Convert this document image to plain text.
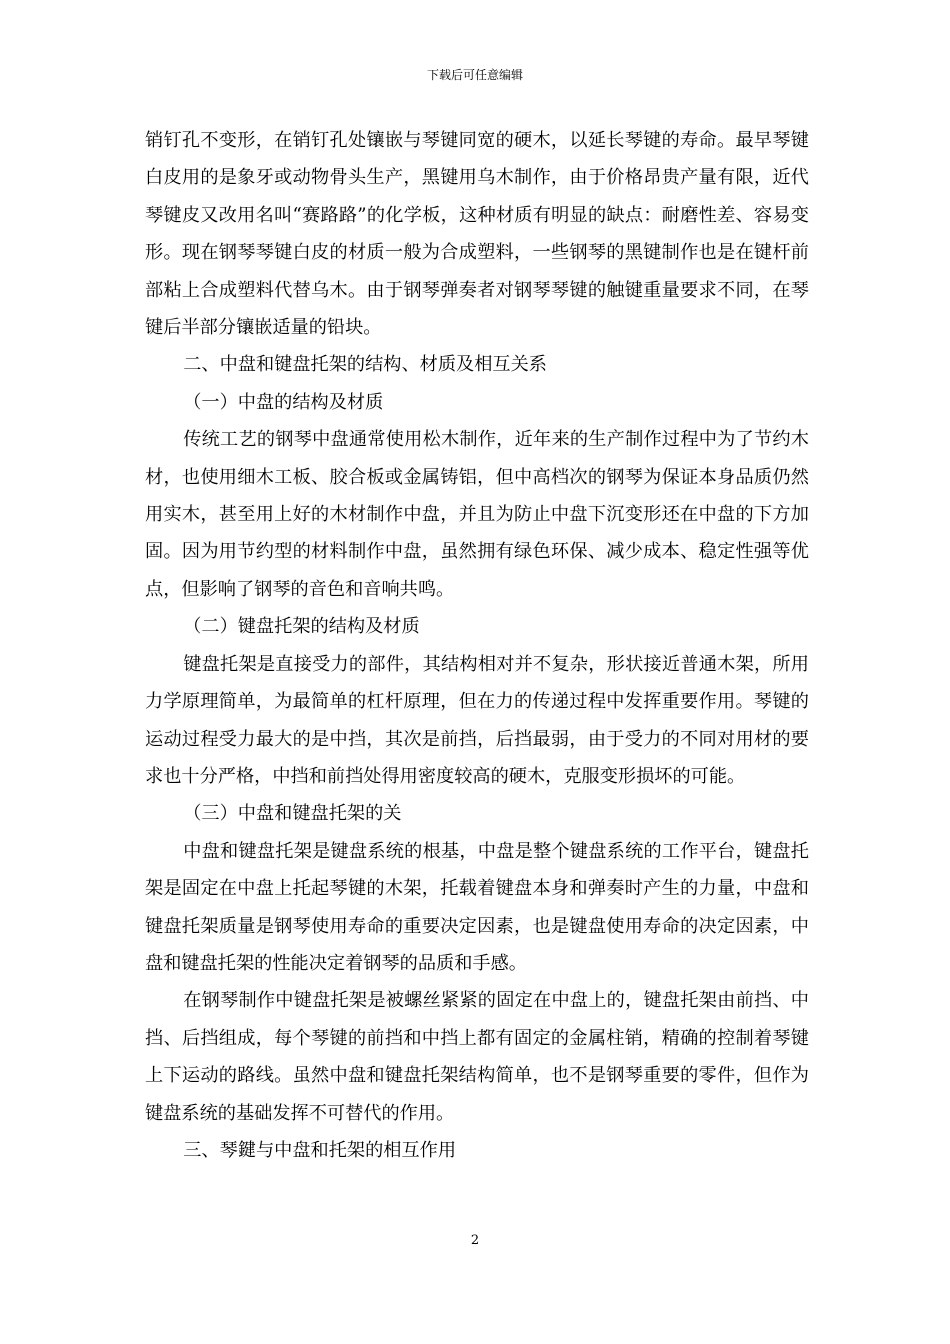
下载后可任意编辑

销钉孔不变形，在销钉孔处镶嵌与琴键同宽的硬木，以延长琴键的寿命。最早琴键白皮用的是象牙或动物骨头生产，黑键用乌木制作，由于价格昂贵产量有限，近代琴键皮又改用名叫“赛路路”的化学板，这种材质有明显的缺点：耐磨性差、容易变形。现在钢琴琴键白皮的材质一般为合成塑料，一些钢琴的黑键制作也是在键杆前部粘上合成塑料代替乌木。由于钢琴弹奏者对钢琴琴键的触键重量要求不同，在琴键后半部分镶嵌适量的铅块。

二、中盘和键盘托架的结构、材质及相互关系

（一）中盘的结构及材质

传统工艺的钢琴中盘通常使用松木制作，近年来的生产制作过程中为了节约木材，也使用细木工板、胶合板或金属铸铝，但中高档次的钢琴为保证本身品质仍然用实木，甚至用上好的木材制作中盘，并且为防止中盘下沉变形还在中盘的下方加固。因为用节约型的材料制作中盘，虽然拥有绿色环保、减少成本、稳定性强等优点，但影响了钢琴的音色和音响共鸣。

（二）键盘托架的结构及材质

键盘托架是直接受力的部件，其结构相对并不复杂，形状接近普通木架，所用力学原理简单，为最简单的杠杆原理，但在力的传递过程中发挥重要作用。琴键的运动过程受力最大的是中挡，其次是前挡，后挡最弱，由于受力的不同对用材的要求也十分严格，中挡和前挡处得用密度较高的硬木，克服变形损坏的可能。

（三）中盘和键盘托架的关

中盘和键盘托架是键盘系统的根基，中盘是整个键盘系统的工作平台，键盘托架是固定在中盘上托起琴键的木架，托载着键盘本身和弹奏时产生的力量，中盘和键盘托架质量是钢琴使用寿命的重要决定因素，也是键盘使用寿命的决定因素，中盘和键盘托架的性能决定着钢琴的品质和手感。

在钢琴制作中键盘托架是被螺丝紧紧的固定在中盘上的，键盘托架由前挡、中挡、后挡组成，每个琴键的前挡和中挡上都有固定的金属柱销，精确的控制着琴键上下运动的路线。虽然中盘和键盘托架结构简单，也不是钢琴重要的零件，但作为键盘系统的基础发挥不可替代的作用。

三、琴鍵与中盘和托架的相互作用

2
